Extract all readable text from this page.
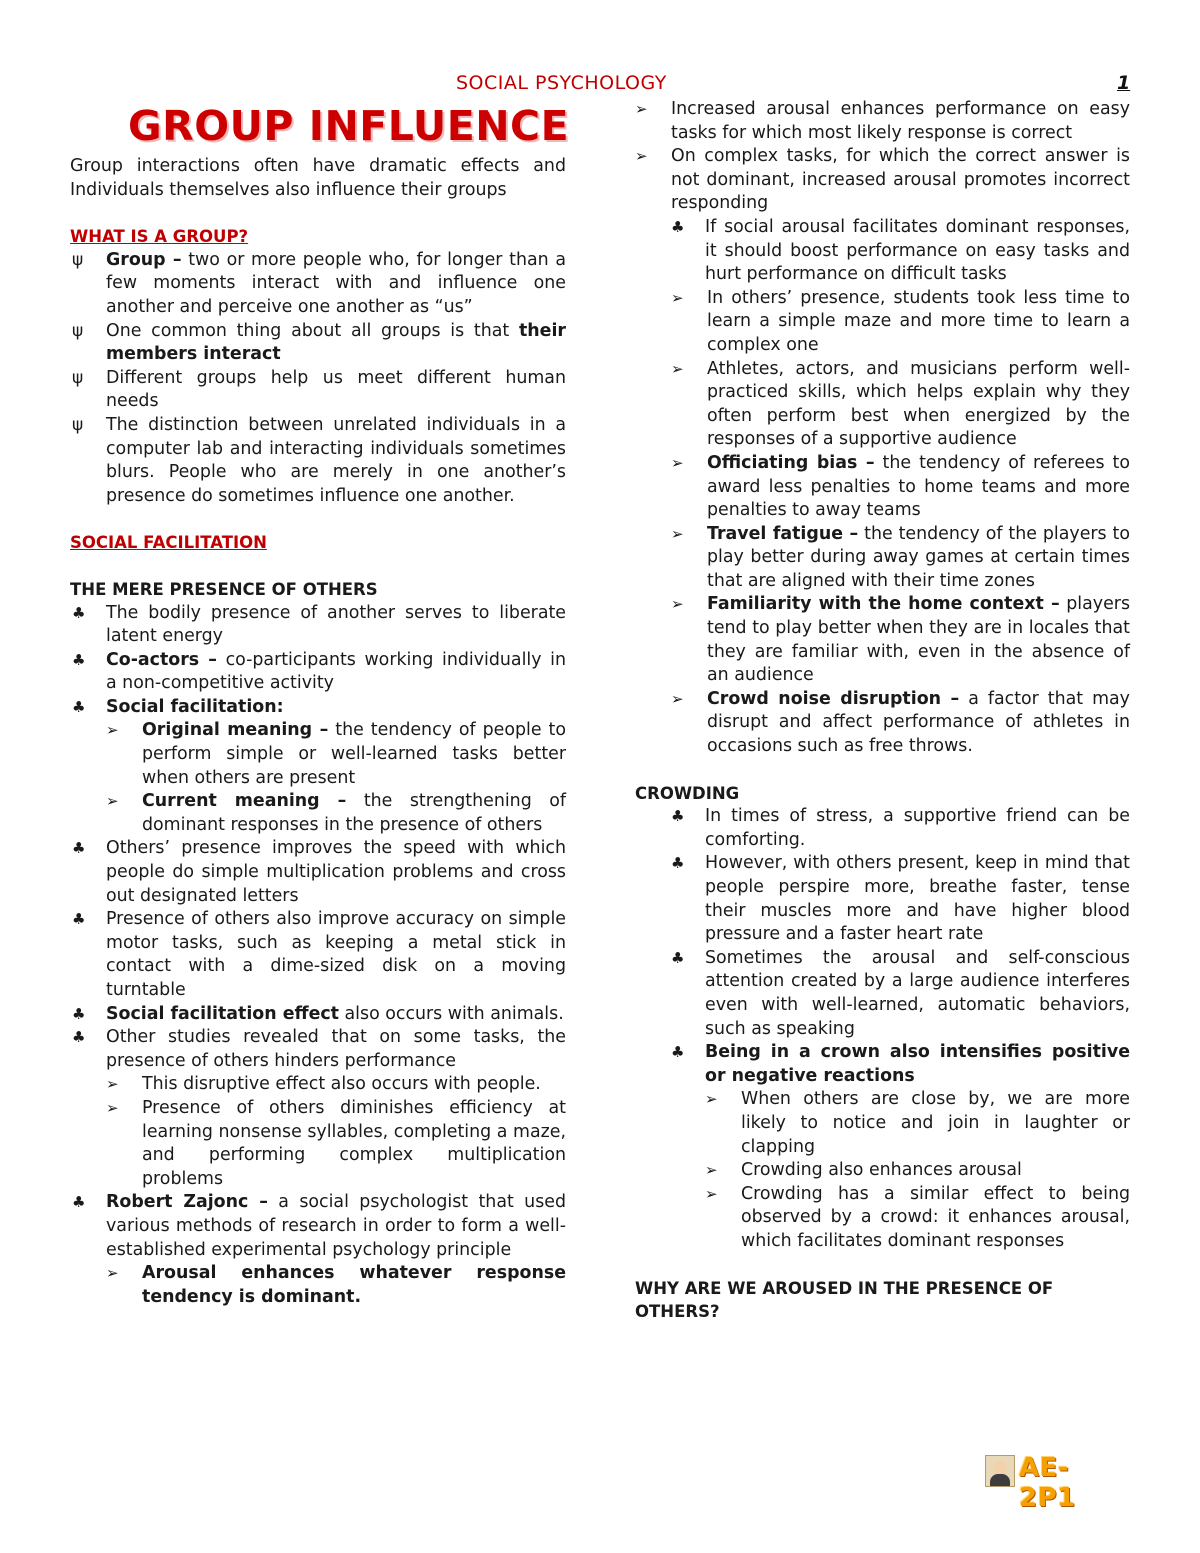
SOCIAL PSYCHOLOGY	1
GROUP INFLUENCE

Group interactions often have dramatic effects and Individuals themselves also influence their groups

WHAT IS A GROUP?

ψ	Group – two or more people who, for longer than a few moments interact with and influence one another and perceive one another as “us”
ψ	One common thing about all groups is that their members interact
ψ	Different groups help us meet different human needs
ψ	The distinction between unrelated individuals in a computer lab and interacting individuals sometimes blurs. People who are merely in one another’s presence do sometimes influence one another.

SOCIAL FACILITATION

THE MERE PRESENCE OF OTHERS

♣	The bodily presence of another serves to liberate latent energy
♣	Co-actors – co-participants working individually in a non-competitive activity
♣	Social facilitation:
➢	Original meaning – the tendency of people to perform simple or well-learned tasks better when others are present
➢	Current meaning – the strengthening of dominant responses in the presence of others
♣	Others’ presence improves the speed with which people do simple multiplication problems and cross out designated letters
♣	Presence of others also improve accuracy on simple motor tasks, such as keeping a metal stick in contact with a dime-sized disk on a moving turntable
♣	Social facilitation effect also occurs with animals.
♣	Other studies revealed that on some tasks, the presence of others hinders performance
➢	This disruptive effect also occurs with people.
➢	Presence of others diminishes efficiency at learning nonsense syllables, completing a maze, and performing complex multiplication problems
♣	Robert Zajonc – a social psychologist that used various methods of research in order to form a well-established experimental psychology principle
➢	Arousal enhances whatever response tendency is dominant.
➢	Increased arousal enhances performance on easy tasks for which most likely response is correct
➢	On complex tasks, for which the correct answer is not dominant, increased arousal promotes incorrect responding
♣	If social arousal facilitates dominant responses, it should boost performance on easy tasks and hurt performance on difficult tasks
➢	In others’ presence, students took less time to learn a simple maze and more time to learn a complex one
➢	Athletes, actors, and musicians perform well-practiced skills, which helps explain why they often perform best when energized by the responses of a supportive audience
➢	Officiating bias – the tendency of referees to award less penalties to home teams and more penalties to away teams
➢	Travel fatigue – the tendency of the players to play better during away games at certain times that are aligned with their time zones
➢	Familiarity with the home context – players tend to play better when they are in locales that they are familiar with, even in the absence of an audience
➢	Crowd noise disruption – a factor that may disrupt and affect performance of athletes in occasions such as free throws.

CROWDING

♣	In times of stress, a supportive friend can be comforting.
♣	However, with others present, keep in mind that people perspire more, breathe faster, tense their muscles more and have higher blood pressure and a faster heart rate
♣	Sometimes the arousal and self-conscious attention created by a large audience interferes even with well-learned, automatic behaviors, such as speaking
♣	Being in a crown also intensifies positive or negative reactions
➢	When others are close by, we are more likely to notice and join in laughter or clapping
➢	Crowding also enhances arousal
➢	Crowding has a similar effect to being observed by a crowd: it enhances arousal, which facilitates dominant responses

WHY ARE WE AROUSED IN THE PRESENCE OF OTHERS?

AE-2P1
